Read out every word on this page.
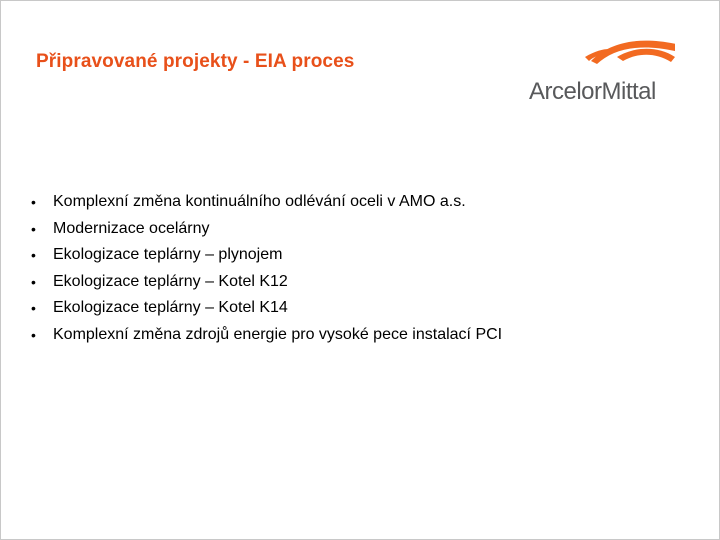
Připravované projekty - EIA proces
ArcelorMittal
•	Komplexní změna kontinuálního odlévání oceli v AMO a.s.
•	Modernizace ocelárny
•	Ekologizace teplárny – plynojem
•	Ekologizace teplárny – Kotel K12
•	Ekologizace teplárny – Kotel K14
•	Komplexní změna zdrojů energie pro vysoké pece instalací PCI
